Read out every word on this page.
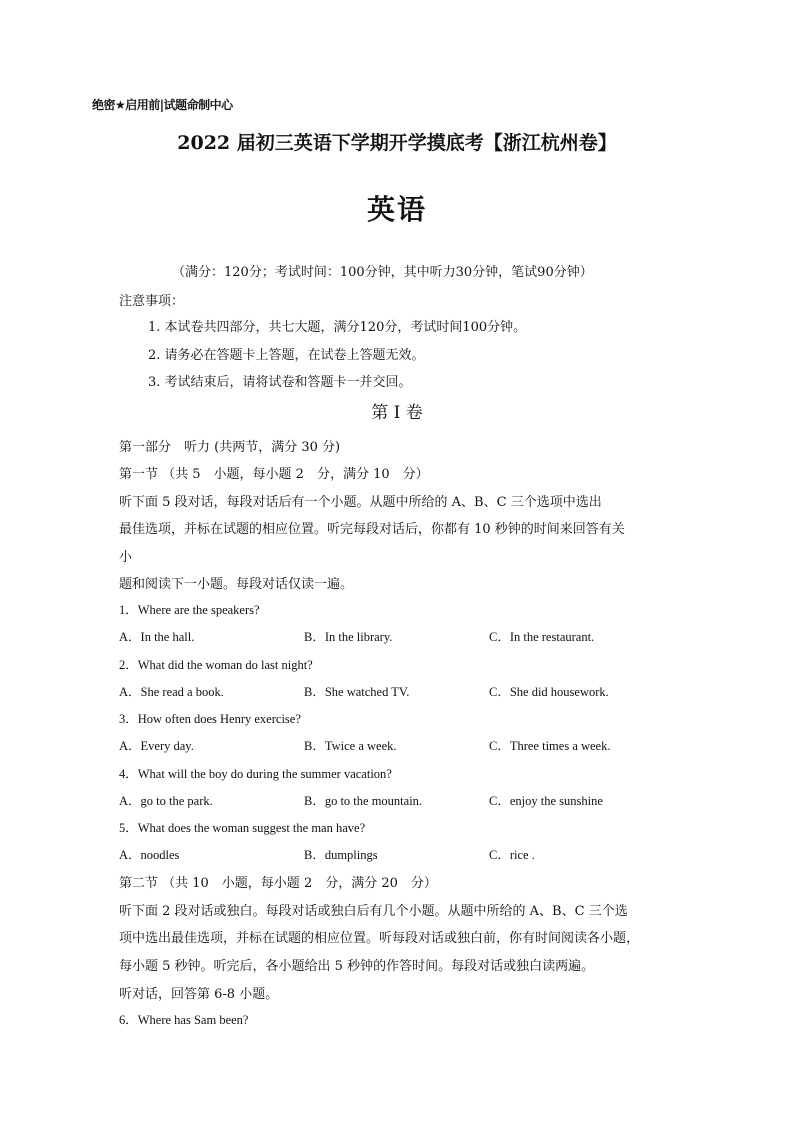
绝密★启用前|试题命制中心
2022 届初三英语下学期开学摸底考【浙江杭州卷】
英语
（满分：120分；考试时间：100分钟，其中听力30分钟，笔试90分钟）
注意事项：
1. 本试卷共四部分，共七大题，满分120分，考试时间100分钟。
2. 请务必在答题卡上答题，在试卷上答题无效。
3. 考试结束后，请将试卷和答题卡一并交回。
第 I 卷
第一部分　听力 (共两节，满分 30 分)
第一节 （共 5　小题，每小题 2　分，满分 10　分）
听下面 5 段对话，每段对话后有一个小题。从题中所给的 A、B、C 三个选项中选出
最佳选项，并标在试题的相应位置。听完每段对话后，你都有 10 秒钟的时间来回答有关
小
题和阅读下一小题。每段对话仅读一遍。
1．Where are the speakers?
A．In the hall.	B．In the library.	C．In the restaurant.
2．What did the woman do last night?
A．She read a book.	B．She watched TV.	C．She did housework.
3．How often does Henry exercise?
A．Every day.	B．Twice a week.	C．Three times a week.
4．What will the boy do during the summer vacation?
A．go to the park.	B．go to the mountain.	C．enjoy the sunshine
5．What does the woman suggest the man have?
A．noodles	B．dumplings	C．rice .
第二节 （共 10　小题，每小题 2　分，满分 20　分）
听下面 2 段对话或独白。每段对话或独白后有几个小题。从题中所给的 A、B、C 三个选
项中选出最佳选项，并标在试题的相应位置。听每段对话或独白前，你有时间阅读各小题，
每小题 5 秒钟。听完后，各小题给出 5 秒钟的作答时间。每段对话或独白读两遍。
听对话，回答第 6-8 小题。
6．Where has Sam been?
